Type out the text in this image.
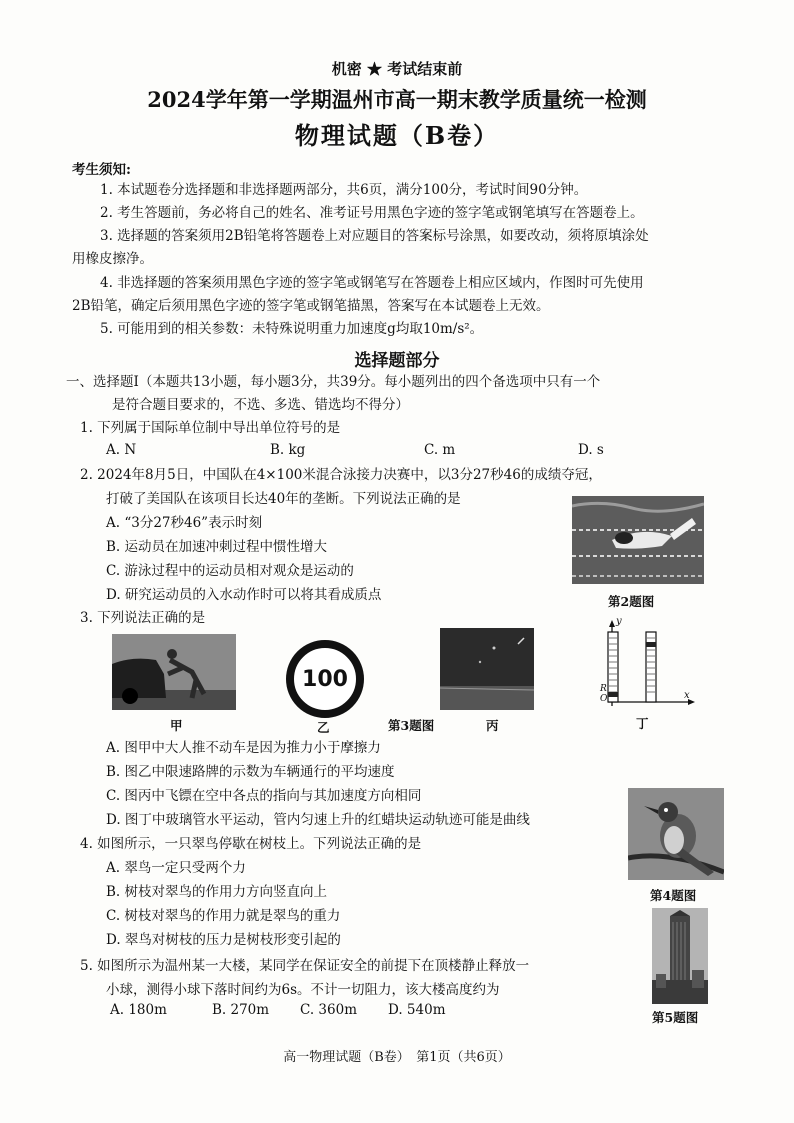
机密 ★ 考试结束前
2024学年第一学期温州市高一期末教学质量统一检测
物理试题（B卷）
考生须知:
1. 本试题卷分选择题和非选择题两部分，共6页，满分100分，考试时间90分钟。
2. 考生答题前，务必将自己的姓名、准考证号用黑色字迹的签字笔或钢笔填写在答题卷上。
3. 选择题的答案须用2B铅笔将答题卷上对应题目的答案标号涂黑，如要改动，须将原填涂处
用橡皮擦净。
4. 非选择题的答案须用黑色字迹的签字笔或钢笔写在答题卷上相应区域内，作图时可先使用
2B铅笔，确定后须用黑色字迹的签字笔或钢笔描黑，答案写在本试题卷上无效。
5. 可能用到的相关参数：未特殊说明重力加速度g均取10m/s²。
选择题部分
一、选择题Ⅰ（本题共13小题，每小题3分，共39分。每小题列出的四个备选项中只有一个
是符合题目要求的，不选、多选、错选均不得分）
1. 下列属于国际单位制中导出单位符号的是
A. N	B. kg	C. m	D. s
2. 2024年8月5日，中国队在4×100米混合泳接力决赛中，以3分27秒46的成绩夺冠，
打破了美国队在该项目长达40年的垄断。下列说法正确的是
A. “3分27秒46”表示时刻
B. 运动员在加速冲刺过程中惯性增大
C. 游泳过程中的运动员相对观众是运动的
D. 研究运动员的入水动作时可以将其看成质点	第2题图
3. 下列说法正确的是
100
y
x
R
O
甲	乙	第3题图	丙	丁
A. 图甲中大人推不动车是因为推力小于摩擦力
B. 图乙中限速路牌的示数为车辆通行的平均速度
C. 图丙中飞镖在空中各点的指向与其加速度方向相同
D. 图丁中玻璃管水平运动，管内匀速上升的红蜡块运动轨迹可能是曲线
4. 如图所示，一只翠鸟停歇在树枝上。下列说法正确的是
A. 翠鸟一定只受两个力
B. 树枝对翠鸟的作用力方向竖直向上
C. 树枝对翠鸟的作用力就是翠鸟的重力
D. 翠鸟对树枝的压力是树枝形变引起的
第4题图
5. 如图所示为温州某一大楼，某同学在保证安全的前提下在顶楼静止释放一
小球，测得小球下落时间约为6s。不计一切阻力，该大楼高度约为
A. 180m	B. 270m C. 360m D. 540m	第5题图
高一物理试题（B卷）　第1页（共6页）
